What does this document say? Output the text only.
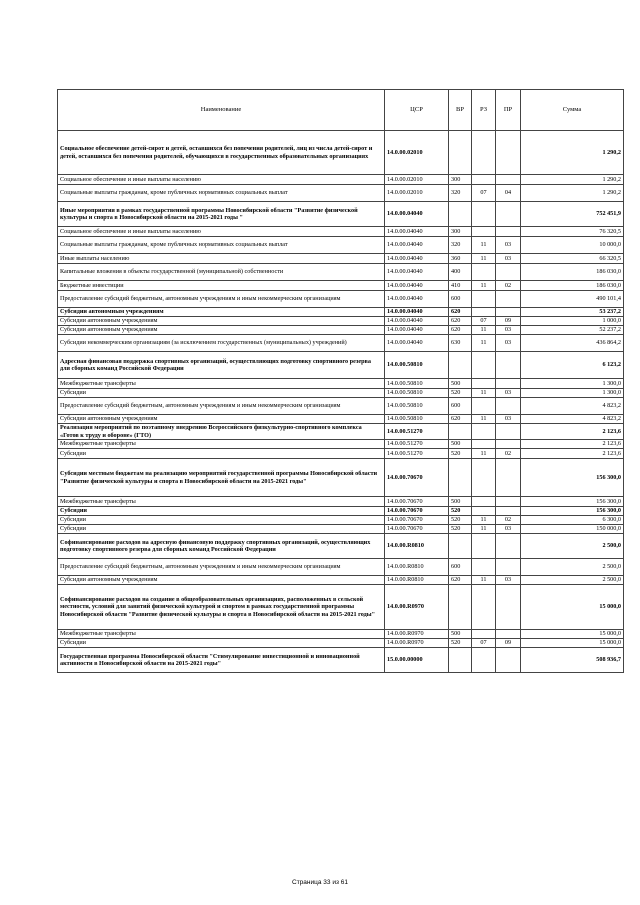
Наименование	ЦСР	ВР	РЗ	ПР	Сумма
Социальное обеспечение детей-сирот и детей, оставшихся без попечения родителей, лиц из числа детей-сирот и детей, оставшихся без попечения родителей, обучающихся в государственных образовательных организациях	14.0.00.02010				1 290,2
Социальное обеспечение и иные выплаты населению	14.0.00.02010	300			1 290,2
Социальные выплаты гражданам, кроме публичных нормативных социальных выплат	14.0.00.02010	320	07	04	1 290,2
Иные мероприятия в рамках государственной программы Новосибирской области "Развитие физической культуры и спорта в Новосибирской области на 2015-2021 годы "	14.0.00.04040				752 451,9
Социальное обеспечение и иные выплаты населению	14.0.00.04040	300			76 320,5
Социальные выплаты гражданам, кроме публичных нормативных социальных выплат	14.0.00.04040	320	11	03	10 000,0
Иные выплаты населению	14.0.00.04040	360	11	03	66 320,5
Капитальные вложения в объекты государственной (муниципальной) собственности	14.0.00.04040	400			186 030,0
Бюджетные инвестиции	14.0.00.04040	410	11	02	186 030,0
Предоставление субсидий бюджетным, автономным учреждениям и иным некоммерческим организациям	14.0.00.04040	600			490 101,4
Субсидии автономным учреждениям	14.0.00.04040	620			53 237,2
Субсидии автономным учреждениям	14.0.00.04040	620	07	09	1 000,0
Субсидии автономным учреждениям	14.0.00.04040	620	11	03	52 237,2
Субсидии некоммерческим организациям (за исключением государственных (муниципальных) учреждений)	14.0.00.04040	630	11	03	436 864,2
Адресная финансовая поддержка спортивных организаций, осуществляющих подготовку спортивного резерва для сборных команд Российской Федерации	14.0.00.50810				6 123,2
Межбюджетные трансферты	14.0.00.50810	500			1 300,0
Субсидии	14.0.00.50810	520	11	03	1 300,0
Предоставление субсидий бюджетным, автономным учреждениям и иным некоммерческим организациям	14.0.00.50810	600			4 823,2
Субсидии автономным учреждениям	14.0.00.50810	620	11	03	4 823,2
Реализация мероприятий по поэтапному внедрению Всероссийского физкультурно-спортивного комплекса «Готов к труду и обороне» (ГТО)	14.0.00.51270				2 123,6
Межбюджетные трансферты	14.0.00.51270	500			2 123,6
Субсидии	14.0.00.51270	520	11	02	2 123,6
Субсидии местным бюджетам на реализацию мероприятий государственной программы Новосибирской области "Развитие физической культуры и спорта в Новосибирской области на 2015-2021 годы"	14.0.00.70670				156 300,0
Межбюджетные трансферты	14.0.00.70670	500			156 300,0
Субсидии	14.0.00.70670	520			156 300,0
Субсидии	14.0.00.70670	520	11	02	6 300,0
Субсидии	14.0.00.70670	520	11	03	150 000,0
Софинансирование расходов на адресную финансовую поддержку спортивных организаций, осуществляющих подготовку спортивного резерва для сборных команд Российской Федерации	14.0.00.R0810				2 500,0
Предоставление субсидий бюджетным, автономным учреждениям и иным некоммерческим организациям	14.0.00.R0810	600			2 500,0
Субсидии автономным учреждениям	14.0.00.R0810	620	11	03	2 500,0
Софинансирование расходов на создание в общеобразовательных организациях, расположенных в сельской местности, условий для занятий физической культурой и спортом в рамках государственной программы Новосибирской области "Развитие физической культуры и спорта в Новосибирской области на 2015-2021 годы"	14.0.00.R0970				15 000,0
Межбюджетные трансферты	14.0.00.R0970	500			15 000,0
Субсидии	14.0.00.R0970	520	07	09	15 000,0
Государственная программа Новосибирской области "Стимулирование инвестиционной и инновационной активности в Новосибирской области на 2015-2021 годы"	15.0.00.00000				508 936,7
Страница 33 из 61
